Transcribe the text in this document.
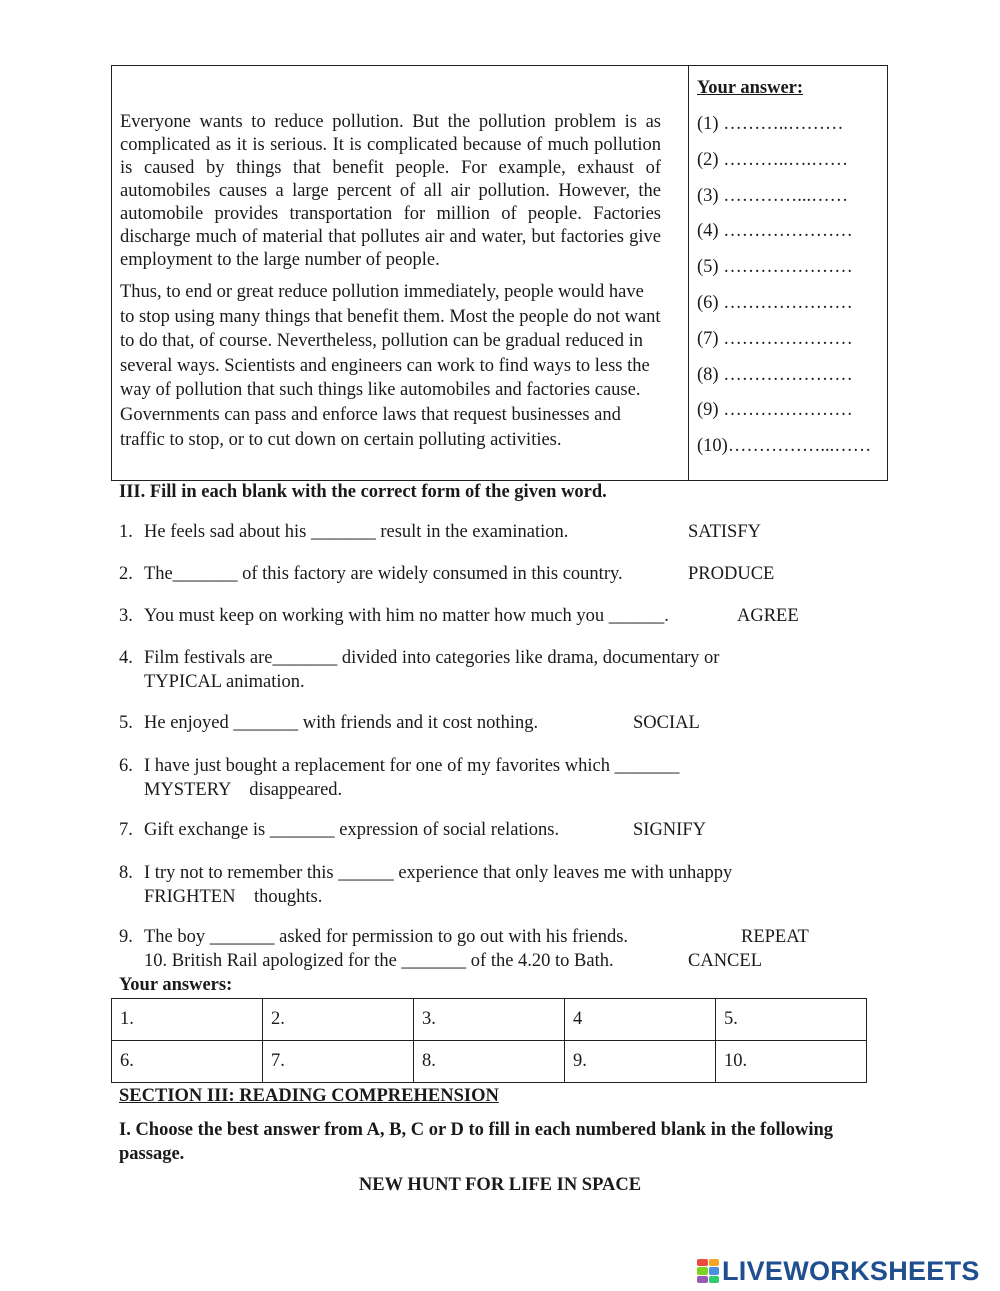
Everyone wants to reduce pollution. But the pollution problem is as complicated as it is serious. It is complicated because of much pollution is caused by things that benefit people. For example, exhaust of automobiles causes a large percent of all air pollution. However, the automobile provides transportation for million of people. Factories discharge much of material that pollutes air and water, but factories give employment to the large number of people.

Thus, to end or great reduce pollution immediately, people would have to stop using many things that benefit them. Most the people do not want to do that, of course. Nevertheless, pollution can be gradual reduced in several ways. Scientists and engineers can work to find ways to less the way of pollution that such things like automobiles and factories cause. Governments can pass and enforce laws that request businesses and traffic to stop, or to cut down on certain polluting activities.

Your answer:
(1) ………..………
(2) ………..….……
(3) …………...……
(4) …………………
(5) …………………
(6) …………………
(7) …………………
(8) …………………
(9) …………………
(10)……………...……
III. Fill in each blank with the correct form of the given word.
1. He feels sad about his _______ result in the examination.	SATISFY
2. The_______ of this factory are widely consumed in this country.	PRODUCE
3. You must keep on working with him no matter how much you ______.	AGREE
4. Film festivals are_______ divided into categories like drama, documentary or
TYPICAL animation.
5. He enjoyed _______ with friends and it cost nothing.	SOCIAL
6. I have just bought a replacement for one of my favorites which _______
MYSTERY    disappeared.
7. Gift exchange is _______ expression of social relations.	SIGNIFY
8. I try not to remember this ______ experience that only leaves me with unhappy
FRIGHTEN    thoughts.
9. The boy _______ asked for permission to go out with his friends.	REPEAT
10. British Rail apologized for the _______ of the 4.20 to Bath.	CANCEL
Your answers:
1.	2.	3.	4	5.
6.	7.	8.	9.	10.
SECTION III: READING COMPREHENSION
I. Choose the best answer from A, B, C or D to fill in each numbered blank in the following passage.
NEW HUNT FOR LIFE IN SPACE
LIVEWORKSHEETS
